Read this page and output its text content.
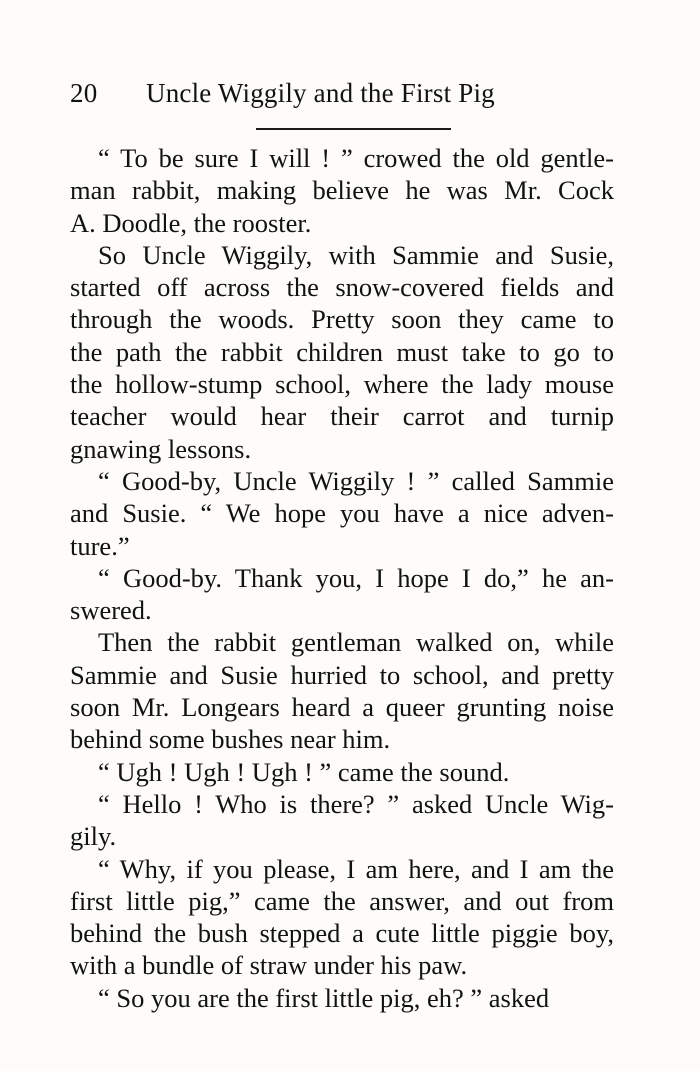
20 Uncle Wiggily and the First Pig

“ To be sure I will ! ” crowed the old gentle-
man rabbit, making believe he was Mr. Cock
A. Doodle, the rooster.

So Uncle Wiggily, with Sammie and Susie,
started off across the snow-covered fields and
through the woods. Pretty soon they came to
the path the rabbit children must take to go to
the hollow-stump school, where the lady mouse
teacher would hear their carrot and turnip
gnawing lessons.

“ Good-by, Uncle Wiggily ! ” called Sammie
and Susie. “ We hope you have a nice adven-
ture.”

“ Good-by. Thank you, I hope I do,” he an-
swered.

Then the rabbit gentleman walked on, while
Sammie and Susie hurried to school, and pretty
soon Mr. Longears heard a queer grunting noise
behind some bushes near him.

“ Ugh ! Ugh ! Ugh ! ” came the sound.

“ Hello ! Who is there? ” asked Uncle Wig-
gily.

“ Why, if you please, I am here, and I am the
first little pig,” came the answer, and out from
behind the bush stepped a cute little piggie boy,
with a bundle of straw under his paw.

“ So you are the first little pig, eh? ” asked
